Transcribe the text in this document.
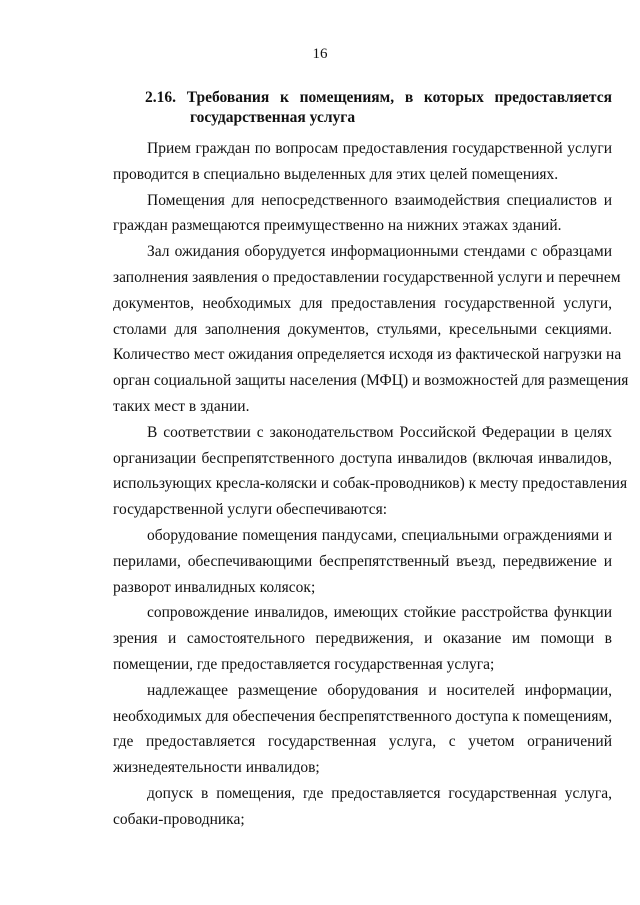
16
2.16. Требования к помещениям, в которых предоставляется
государственная услуга
Прием граждан по вопросам предоставления государственной услуги
проводится в специально выделенных для этих целей помещениях.
Помещения для непосредственного взаимодействия специалистов и
граждан размещаются преимущественно на нижних этажах зданий.
Зал ожидания оборудуется информационными стендами с образцами
заполнения заявления о предоставлении государственной услуги и перечнем
документов, необходимых для предоставления государственной услуги,
столами для заполнения документов, стульями, кресельными секциями.
Количество мест ожидания определяется исходя из фактической нагрузки на
орган социальной защиты населения (МФЦ) и возможностей для размещения
таких мест в здании.
В соответствии с законодательством Российской Федерации в целях
организации беспрепятственного доступа инвалидов (включая инвалидов,
использующих кресла-коляски и собак-проводников) к месту предоставления
государственной услуги обеспечиваются:
оборудование помещения пандусами, специальными ограждениями и
перилами, обеспечивающими беспрепятственный въезд, передвижение и
разворот инвалидных колясок;
сопровождение инвалидов, имеющих стойкие расстройства функции
зрения и самостоятельного передвижения, и оказание им помощи в
помещении, где предоставляется государственная услуга;
надлежащее размещение оборудования и носителей информации,
необходимых для обеспечения беспрепятственного доступа к помещениям,
где предоставляется государственная услуга, с учетом ограничений
жизнедеятельности инвалидов;
допуск в помещения, где предоставляется государственная услуга,
собаки-проводника;
